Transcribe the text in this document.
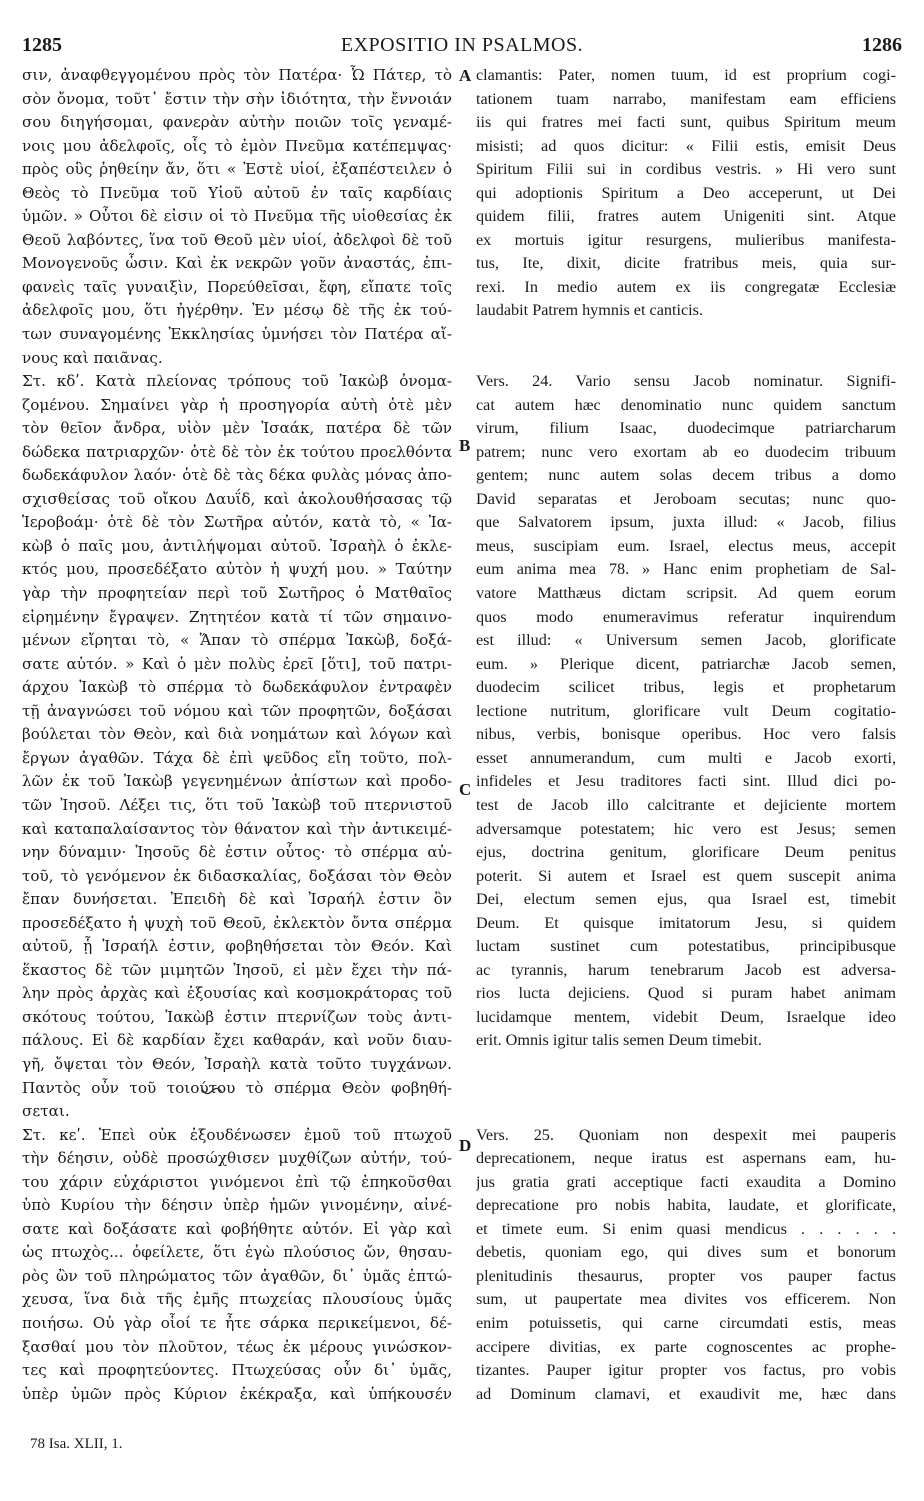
1285	EXPOSITIO IN PSALMOS.	1286
σιν, ἀναφθεγγομένου πρὸς τὸν Πατέρα· Ὦ Πάτερ, τὸ
σὸν ὄνομα, τοῦτ᾽ ἔστιν τὴν σὴν ἰδιότητα, τὴν ἔννοιάν
σου διηγήσομαι, φανερὰν αὐτὴν ποιῶν τοῖς γεναμέ-
νοις μου ἀδελφοῖς, οἷς τὸ ἐμὸν Πνεῦμα κατέπεμψας·
πρὸς οὓς ῥηθείην ἄν, ὅτι « Ἐστὲ υἱοί, ἐξαπέστειλεν ὁ
Θεὸς τὸ Πνεῦμα τοῦ Υἱοῦ αὐτοῦ ἐν ταῖς καρδίαις
ὑμῶν. » Οὗτοι δὲ εἰσιν οἱ τὸ Πνεῦμα τῆς υἱοθεσίας ἐκ
Θεοῦ λαβόντες, ἵνα τοῦ Θεοῦ μὲν υἱοί, ἀδελφοὶ δὲ τοῦ
Μονογενοῦς ὦσιν. Καὶ ἐκ νεκρῶν γοῦν ἀναστάς, ἐπι-
φανεὶς ταῖς γυναιξὶν, Πορεύθεῖσαι, ἔφη, εἴπατε τοῖς
ἀδελφοῖς μου, ὅτι ἠγέρθην. Ἐν μέσῳ δὲ τῆς ἐκ τού-
των συναγομένης Ἐκκλησίας ὑμνήσει τὸν Πατέρα αἴ-
νους καὶ παιᾶνας.
Στ. κδʹ. Κατὰ πλείονας τρόπους τοῦ Ἰακὼβ ὀνομα-
ζομένου. Σημαίνει γὰρ ἡ προσηγορία αὐτὴ ὁτὲ μὲν
τὸν θεῖον ἄνδρα, υἱὸν μὲν Ἰσαάκ, πατέρα δὲ τῶν
δώδεκα πατριαρχῶν· ὁτὲ δὲ τὸν ἐκ τούτου προελθόντα
δωδεκάφυλον λαόν· ὁτὲ δὲ τὰς δέκα φυλὰς μόνας ἀπο-
σχισθείσας τοῦ οἴκου Δαυΐδ, καὶ ἀκολουθήσασας τῷ
Ἱεροβοάμ· ὁτὲ δὲ τὸν Σωτῆρα αὐτόν, κατὰ τὸ, « Ἰα-
κὼβ ὁ παῖς μου, ἀντιλήψομαι αὐτοῦ. Ἰσραὴλ ὁ ἐκλε-
κτός μου, προσεδέξατο αὐτὸν ἡ ψυχή μου. » Ταύτην
γὰρ τὴν προφητείαν περὶ τοῦ Σωτῆρος ὁ Ματθαῖος
εἰρημένην ἔγραψεν. Ζητητέον κατὰ τί τῶν σημαινο-
μένων εἴρηται τὸ, « Ἅπαν τὸ σπέρμα Ἰακὼβ, δοξά-
σατε αὐτόν. » Καὶ ὁ μὲν πολὺς ἐρεῖ [ὅτι], τοῦ πατρι-
άρχου Ἰακὼβ τὸ σπέρμα τὸ δωδεκάφυλον ἐντραφὲν
τῇ ἀναγνώσει τοῦ νόμου καὶ τῶν προφητῶν, δοξάσαι
βούλεται τὸν Θεὸν, καὶ διὰ νοημάτων καὶ λόγων καὶ
ἔργων ἀγαθῶν. Τάχα δὲ ἐπὶ ψεῦδος εἴη τοῦτο, πολ-
λῶν ἐκ τοῦ Ἰακὼβ γεγενημένων ἀπίστων καὶ προδο-
τῶν Ἰησοῦ. Λέξει τις, ὅτι τοῦ Ἰακὼβ τοῦ πτερνιστοῦ
καὶ καταπαλαίσαντος τὸν θάνατον καὶ τὴν ἀντικειμέ-
νην δύναμιν· Ἰησοῦς δὲ ἐστιν οὗτος· τὸ σπέρμα αὐ-
τοῦ, τὸ γενόμενον ἐκ διδασκαλίας, δοξάσαι τὸν Θεὸν
ἔπαν δυνήσεται. Ἐπειδὴ δὲ καὶ Ἰσραήλ ἐστιν ὃν
προσεδέξατο ἡ ψυχὴ τοῦ Θεοῦ, ἐκλεκτὸν ὄντα σπέρμα
αὐτοῦ, ᾗ Ἰσραήλ ἐστιν, φοβηθήσεται τὸν Θεόν. Καὶ
ἕκαστος δὲ τῶν μιμητῶν Ἰησοῦ, εἰ μὲν ἔχει τὴν πά-
λην πρὸς ἀρχὰς καὶ ἐξουσίας καὶ κοσμοκράτορας τοῦ
σκότους τούτου, Ἰακὼβ ἐστιν πτερνίζων τοὺς ἀντι-
πάλους. Εἰ δὲ καρδίαν ἔχει καθαράν, καὶ νοῦν διαυ-
γῆ, ὄψεται τὸν Θεόν, Ἰσραὴλ κατὰ τοῦτο τυγχάνων.
Παντὸς οὖν τοῦ τοιούτου τὸ σπέρμα Θεὸν φοβηθή-
σεται.
Στ. κεʹ. Ἐπεὶ οὐκ ἐξουδένωσεν ἐμοῦ τοῦ πτωχοῦ
τὴν δέησιν, οὐδὲ προσώχθισεν μυχθίζων αὐτήν, τού-
του χάριν εὐχάριστοι γινόμενοι ἐπὶ τῷ ἐπηκοῦσθαι
ὑπὸ Κυρίου τὴν δέησιν ὑπὲρ ἡμῶν γινομένην, αἰνέ-
σατε καὶ δοξάσατε καὶ φοβήθητε αὐτόν. Εἰ γὰρ καὶ
ὡς πτωχὸς... ὀφείλετε, ὅτι ἐγὼ πλούσιος ὤν, θησαυ-
ρὸς ὢν τοῦ πληρώματος τῶν ἀγαθῶν, δι᾽ ὑμᾶς ἐπτώ-
χευσα, ἵνα διὰ τῆς ἐμῆς πτωχείας πλουσίους ὑμᾶς
ποιήσω. Οὐ γὰρ οἷοί τε ἦτε σάρκα περικείμενοι, δέ-
ξασθαί μου τὸν πλοῦτον, τέως ἐκ μέρους γινώσκον-
τες καὶ προφητεύοντες. Πτωχεύσας οὖν δι᾽ ὑμᾶς,
ὑπὲρ ὑμῶν πρὸς Κύριον ἐκέκραξα, καὶ ὑπήκουσέν
clamantis: Pater, nomen tuum, id est proprium cogi-
tationem tuam narrabo, manifestam eam efficiens
iis qui fratres mei facti sunt, quibus Spiritum meum
misisti; ad quos dicitur: « Filii estis, emisit Deus
Spiritum Filii sui in cordibus vestris. » Hi vero sunt
qui adoptionis Spiritum a Deo acceperunt, ut Dei
quidem filii, fratres autem Unigeniti sint. Atque
ex mortuis igitur resurgens, mulieribus manifesta-
tus, Ite, dixit, dicite fratribus meis, quia sur-
rexi. In medio autem ex iis congregatæ Ecclesiæ
laudabit Patrem hymnis et canticis.
Vers. 24. Vario sensu Jacob nominatur. Signifi-
cat autem hæc denominatio nunc quidem sanctum
virum, filium Isaac, duodecimque patriarcharum
patrem; nunc vero exortam ab eo duodecim tribuum
gentem; nunc autem solas decem tribus a domo
David separatas et Jeroboam secutas; nunc quo-
que Salvatorem ipsum, juxta illud: « Jacob, filius
meus, suscipiam eum. Israel, electus meus, accepit
eum anima mea 78. » Hanc enim prophetiam de Sal-
vatore Matthæus dictam scripsit. Ad quem eorum
quos modo enumeravimus referatur inquirendum
est illud: « Universum semen Jacob, glorificate
eum. » Plerique dicent, patriarchæ Jacob semen,
duodecim scilicet tribus, legis et prophetarum
lectione nutritum, glorificare vult Deum cogitatio-
nibus, verbis, bonisque operibus. Hoc vero falsis
esset annumerandum, cum multi e Jacob exorti,
infideles et Jesu traditores facti sint. Illud dici po-
test de Jacob illo calcitrante et dejiciente mortem
adversamque potestatem; hic vero est Jesus; semen
ejus, doctrina genitum, glorificare Deum penitus
poterit. Si autem et Israel est quem suscepit anima
Dei, electum semen ejus, qua Israel est, timebit
Deum. Et quisque imitatorum Jesu, si quidem
luctam sustinet cum potestatibus, principibusque
ac tyrannis, harum tenebrarum Jacob est adversa-
rios lucta dejiciens. Quod si puram habet animam
lucidamque mentem, videbit Deum, Israelque ideo
erit. Omnis igitur talis semen Deum timebit.
Vers. 25. Quoniam non despexit mei pauperis
deprecationem, neque iratus est aspernans eam, hu-
jus gratia grati acceptique facti exaudita a Domino
deprecatione pro nobis habita, laudate, et glorificate,
et timete eum. Si enim quasi mendicus . . . . . .
debetis, quoniam ego, qui dives sum et bonorum
plenitudinis thesaurus, propter vos pauper factus
sum, ut paupertate mea divites vos efficerem. Non
enim potuissetis, qui carne circumdati estis, meas
accipere divitias, ex parte cognoscentes ac prophe-
tizantes. Pauper igitur propter vos factus, pro vobis
ad Dominum clamavi, et exaudivit me, hæc dans
A
B
C
D
78 Isa. XLII, 1.
